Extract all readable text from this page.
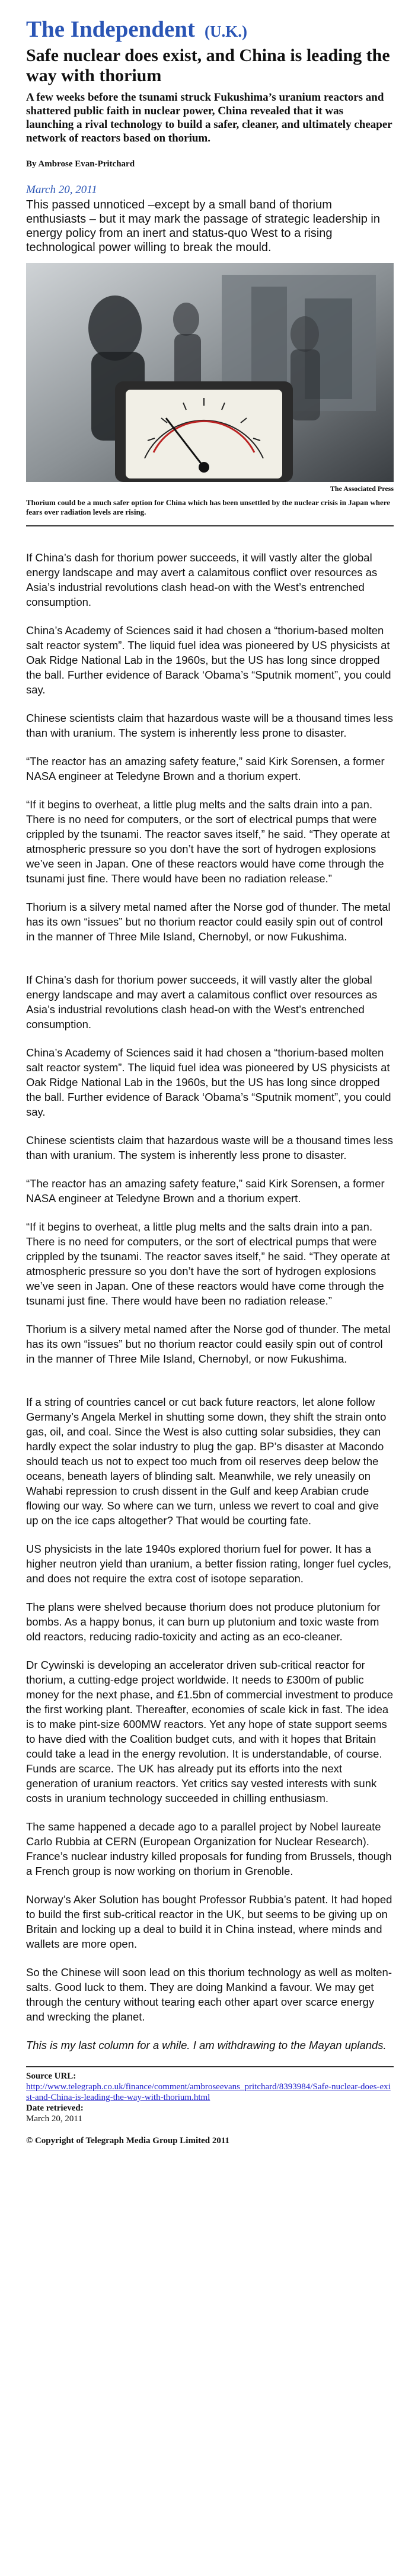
The Independent (U.K.)
Safe nuclear does exist, and China is leading the way with thorium
A few weeks before the tsunami struck Fukushima’s uranium reactors and shattered public faith in nuclear power, China revealed that it was launching a rival technology to build a safer, cleaner, and ultimately cheaper network of reactors based on thorium.
By Ambrose Evan-Pritchard
March 20, 2011

This passed unnoticed –except by a small band of thorium enthusiasts – but it may mark the passage of strategic leadership in energy policy from an inert and status-quo West to a rising technological power willing to break the mould.

The Associated Press
Thorium could be a much safer option for China which has been unsettled by the nuclear crisis in Japan where fears over radiation levels are rising.

If China’s dash for thorium power succeeds, it will vastly alter the global energy landscape and may avert a calamitous conflict over resources as Asia’s industrial revolutions clash head-on with the West’s entrenched consumption.

China’s Academy of Sciences said it had chosen a “thorium-based molten salt reactor system”. The liquid fuel idea was pioneered by US physicists at Oak Ridge National Lab in the 1960s, but the US has long since dropped the ball. Further evidence of Barack ‘Obama’s “Sputnik moment”, you could say.

Chinese scientists claim that hazardous waste will be a thousand times less than with uranium. The system is inherently less prone to disaster.

“The reactor has an amazing safety feature,” said Kirk Sorensen, a former NASA engineer at Teledyne Brown and a thorium expert.

“If it begins to overheat, a little plug melts and the salts drain into a pan. There is no need for computers, or the sort of electrical pumps that were crippled by the tsunami. The reactor saves itself,” he said. “They operate at atmospheric pressure so you don’t have the sort of hydrogen explosions we’ve seen in Japan. One of these reactors would have come through the tsunami just fine. There would have been no radiation release.”

Thorium is a silvery metal named after the Norse god of thunder. The metal has its own “issues” but no thorium reactor could easily spin out of control in the manner of Three Mile Island, Chernobyl, or now Fukushima.

If China’s dash for thorium power succeeds, it will vastly alter the global energy landscape and may avert a calamitous conflict over resources as Asia’s industrial revolutions clash head-on with the West’s entrenched consumption.

China’s Academy of Sciences said it had chosen a “thorium-based molten salt reactor system”. The liquid fuel idea was pioneered by US physicists at Oak Ridge National Lab in the 1960s, but the US has long since dropped the ball. Further evidence of Barack ‘Obama’s “Sputnik moment”, you could say.

Chinese scientists claim that hazardous waste will be a thousand times less than with uranium. The system is inherently less prone to disaster.

“The reactor has an amazing safety feature,” said Kirk Sorensen, a former NASA engineer at Teledyne Brown and a thorium expert.

“If it begins to overheat, a little plug melts and the salts drain into a pan. There is no need for computers, or the sort of electrical pumps that were crippled by the tsunami. The reactor saves itself,” he said. “They operate at atmospheric pressure so you don’t have the sort of hydrogen explosions we’ve seen in Japan. One of these reactors would have come through the tsunami just fine. There would have been no radiation release.”

Thorium is a silvery metal named after the Norse god of thunder. The metal has its own “issues” but no thorium reactor could easily spin out of control in the manner of Three Mile Island, Chernobyl, or now Fukushima.

If a string of countries cancel or cut back future reactors, let alone follow Germany’s Angela Merkel in shutting some down, they shift the strain onto gas, oil, and coal. Since the West is also cutting solar subsidies, they can hardly expect the solar industry to plug the gap. BP’s disaster at Macondo should teach us not to expect too much from oil reserves deep below the oceans, beneath layers of blinding salt. Meanwhile, we rely uneasily on Wahabi repression to crush dissent in the Gulf and keep Arabian crude flowing our way. So where can we turn, unless we revert to coal and give up on the ice caps altogether? That would be courting fate.

US physicists in the late 1940s explored thorium fuel for power. It has a higher neutron yield than uranium, a better fission rating, longer fuel cycles, and does not require the extra cost of isotope separation.

The plans were shelved because thorium does not produce plutonium for bombs. As a happy bonus, it can burn up plutonium and toxic waste from old reactors, reducing radio-toxicity and acting as an eco-cleaner.

Dr Cywinski is developing an accelerator driven sub-critical reactor for thorium, a cutting-edge project worldwide. It needs to £300m of public money for the next phase, and £1.5bn of commercial investment to produce the first working plant. Thereafter, economies of scale kick in fast. The idea is to make pint-size 600MW reactors. Yet any hope of state support seems to have died with the Coalition budget cuts, and with it hopes that Britain could take a lead in the energy revolution. It is understandable, of course. Funds are scarce. The UK has already put its efforts into the next generation of uranium reactors. Yet critics say vested interests with sunk costs in uranium technology succeeded in chilling enthusiasm.

The same happened a decade ago to a parallel project by Nobel laureate Carlo Rubbia at CERN (European Organization for Nuclear Research). France’s nuclear industry killed proposals for funding from Brussels, though a French group is now working on thorium in Grenoble.

Norway’s Aker Solution has bought Professor Rubbia’s patent. It had hoped to build the first sub-critical reactor in the UK, but seems to be giving up on Britain and locking up a deal to build it in China instead, where minds and wallets are more open.

So the Chinese will soon lead on this thorium technology as well as molten-salts. Good luck to them. They are doing Mankind a favour. We may get through the century without tearing each other apart over scarce energy and wrecking the planet.

This is my last column for a while. I am withdrawing to the Mayan uplands.

Source URL:
http://www.telegraph.co.uk/finance/comment/ambroseevans_pritchard/8393984/Safe-nuclear-does-exist-and-China-is-leading-the-way-with-thorium.html
Date retrieved:
March 20, 2011
© Copyright of Telegraph Media Group Limited 2011
